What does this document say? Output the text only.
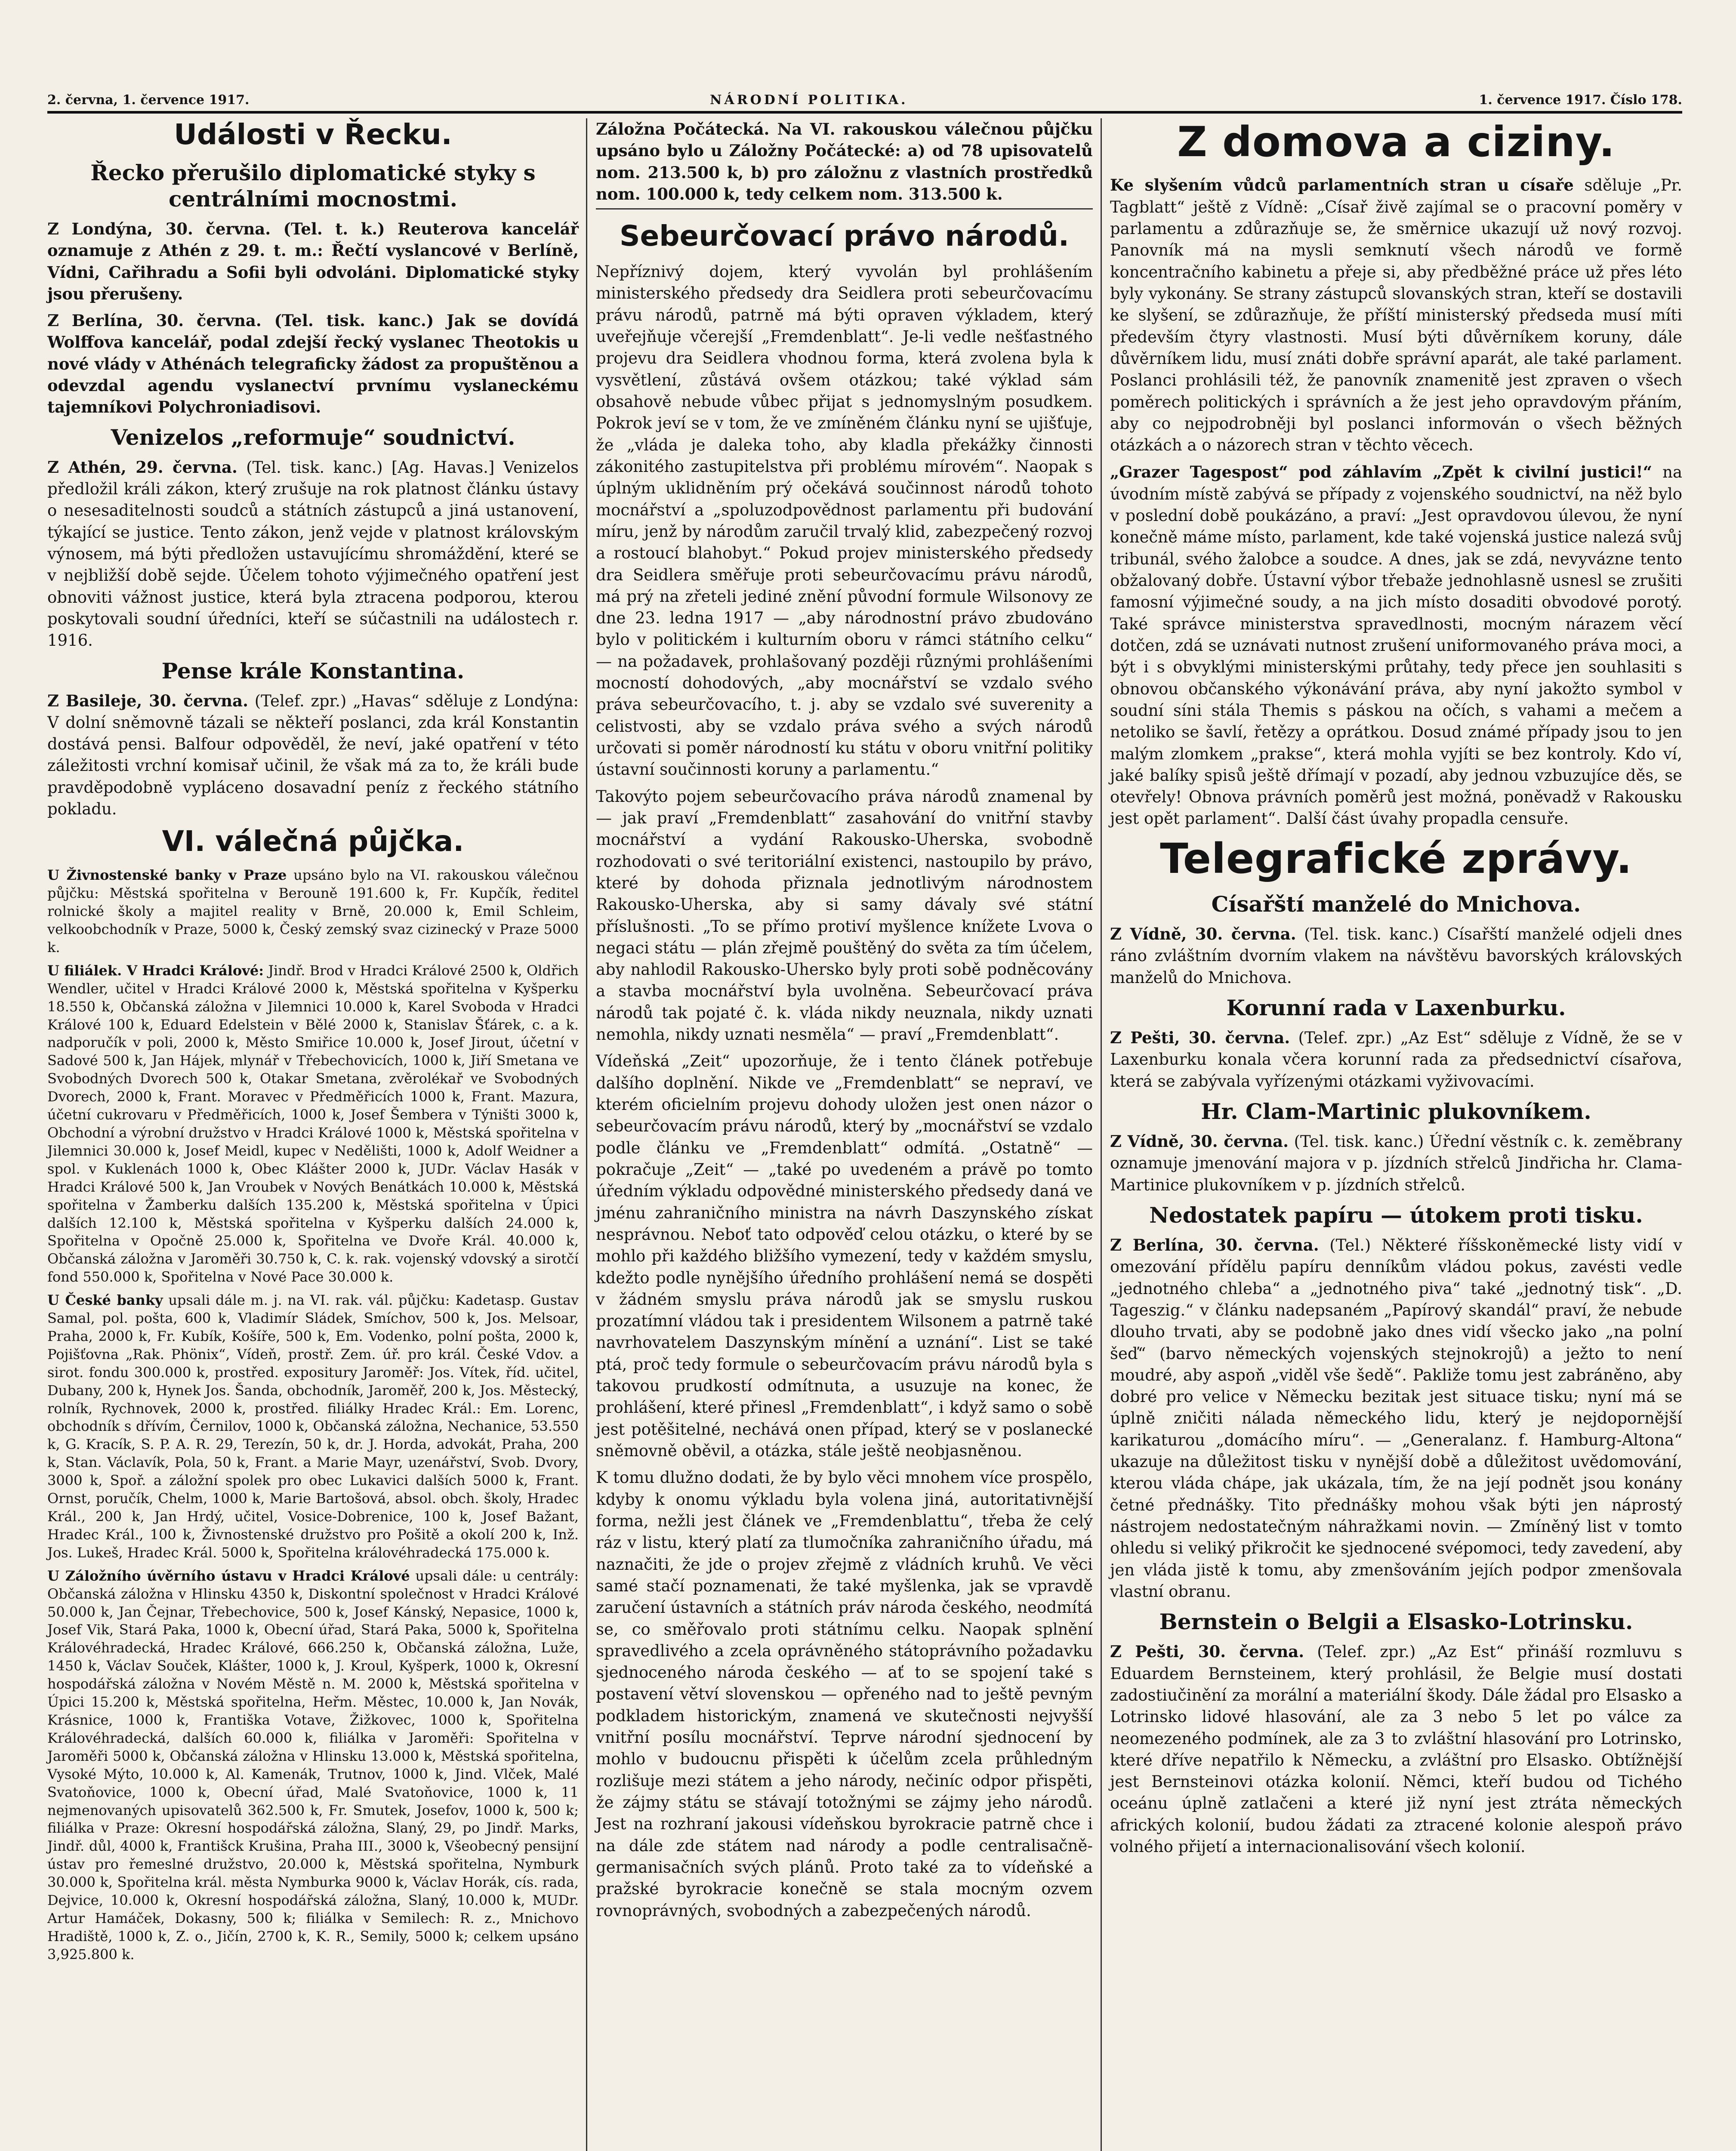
2. června, 1. července 1917.	NÁRODNÍ POLITIKA.	1. července 1917. Číslo 178.
Události v Řecku.
Řecko přerušilo diplomatické styky s centrálními mocnostmi.

Z Londýna, 30. června. (Tel. t. k.) Reuterova kancelář oznamuje z Athén z 29. t. m.: Řečtí vyslancové v Berlíně, Vídni, Cařihradu a Sofii byli odvoláni. Diplomatické styky jsou přerušeny.

Z Berlína, 30. června. (Tel. tisk. kanc.) Jak se dovídá Wolffova kancelář, podal zdejší řecký vyslanec Theotokis u nové vlády v Athénách telegraficky žádost za propuštěnou a odevzdal agendu vyslanectví prvnímu vyslaneckému tajemníkovi Polychroniadisovi.

Venizelos „reformuje“ soudnictví.

Z Athén, 29. června. (Tel. tisk. kanc.) [Ag. Havas.] Venizelos předložil králi zákon, který zrušuje na rok platnost článku ústavy o nesesaditelnosti soudců a státních zástupců a jiná ustanovení, týkající se justice. Tento zákon, jenž vejde v platnost královským výnosem, má býti předložen ustavujícímu shromáždění, které se v nejbližší době sejde. Účelem tohoto výjimečného opatření jest obnoviti vážnost justice, která byla ztracena podporou, kterou poskytovali soudní úředníci, kteří se súčastnili na událostech r. 1916.

Pense krále Konstantina.

Z Basileje, 30. června. (Telef. zpr.) „Havas“ sděluje z Londýna: V dolní sněmovně tázali se někteří poslanci, zda král Konstantin dostává pensi. Balfour odpověděl, že neví, jaké opatření v této záležitosti vrchní komisař učinil, že však má za to, že králi bude pravděpodobně vypláceno dosavadní peníz z řeckého státního pokladu.

VI. válečná půjčka.

U Živnostenské banky v Praze upsáno bylo na VI. rakouskou válečnou půjčku: Městská spořitelna v Berouně 191.600 k, Fr. Kupčík, ředitel rolnické školy a majitel reality v Brně, 20.000 k, Emil Schleim, velkoobchodník v Praze, 5000 k, Český zemský svaz cizinecký v Praze 5000 k.

U filiálek. V Hradci Králové: Jindř. Brod v Hradci Králové 2500 k, Oldřich Wendler, učitel v Hradci Králové 2000 k, Městská spořitelna v Kyšperku 18.550 k, Občanská záložna v Jilemnici 10.000 k, Karel Svoboda v Hradci Králové 100 k, Eduard Edelstein v Bělé 2000 k, Stanislav Šťárek, c. a k. nadporučík v poli, 2000 k, Město Smiřice 10.000 k, Josef Jirout, účetní v Sadové 500 k, Jan Hájek, mlynář v Třebechovicích, 1000 k, Jiří Smetana ve Svobodných Dvorech 500 k, Otakar Smetana, zvěrolékař ve Svobodných Dvorech, 2000 k, Frant. Moravec v Předměřicích 1000 k, Frant. Mazura, účetní cukrovaru v Předměřicích, 1000 k, Josef Šembera v Týništi 3000 k, Obchodní a výrobní družstvo v Hradci Králové 1000 k, Městská spořitelna v Jilemnici 30.000 k, Josef Meidl, kupec v Nedělišti, 1000 k, Adolf Weidner a spol. v Kuklenách 1000 k, Obec Klášter 2000 k, JUDr. Václav Hasák v Hradci Králové 500 k, Jan Vroubek v Nových Benátkách 10.000 k, Městská spořitelna v Žamberku dalších 135.200 k, Městská spořitelna v Úpici dalších 12.100 k, Městská spořitelna v Kyšperku dalších 24.000 k, Spořitelna v Opočně 25.000 k, Spořitelna ve Dvoře Král. 40.000 k, Občanská záložna v Jaroměři 30.750 k, C. k. rak. vojenský vdovský a sirotčí fond 550.000 k, Spořitelna v Nové Pace 30.000 k.

U České banky upsali dále m. j. na VI. rak. vál. půjčku: Kadetasp. Gustav Samal, pol. pošta, 600 k, Vladimír Sládek, Smíchov, 500 k, Jos. Melsoar, Praha, 2000 k, Fr. Kubík, Košíře, 500 k, Em. Vodenko, polní pošta, 2000 k, Pojišťovna „Rak. Phönix“, Vídeň, prostř. Zem. úř. pro král. České Vdov. a sirot. fondu 300.000 k, prostřed. expositury Jaroměř: Jos. Vítek, říd. učitel, Dubany, 200 k, Hynek Jos. Šanda, obchodník, Jaroměř, 200 k, Jos. Městecký, rolník, Rychnovek, 2000 k, prostřed. filiálky Hradec Král.: Em. Lorenc, obchodník s dřívím, Černilov, 1000 k, Občanská záložna, Nechanice, 53.550 k, G. Kracík, S. P. A. R. 29, Terezín, 50 k, dr. J. Horda, advokát, Praha, 200 k, Stan. Václavík, Pola, 50 k, Frant. a Marie Mayr, uzenářství, Svob. Dvory, 3000 k, Spoř. a záložní spolek pro obec Lukavici dalších 5000 k, Frant. Ornst, poručík, Chelm, 1000 k, Marie Bartošová, absol. obch. školy, Hradec Král., 200 k, Jan Hrdý, učitel, Vosice-Dobrenice, 100 k, Josef Bažant, Hradec Král., 100 k, Živnostenské družstvo pro Pošitě a okolí 200 k, Inž. Jos. Lukeš, Hradec Král. 5000 k, Spořitelna královéhradecká 175.000 k.

U Záložního úvěrního ústavu v Hradci Králové upsali dále: u centrály: Občanská záložna v Hlinsku 4350 k, Diskontní společnost v Hradci Králové 50.000 k, Jan Čejnar, Třebechovice, 500 k, Josef Kánský, Nepasice, 1000 k, Josef Vik, Stará Paka, 1000 k, Obecní úřad, Stará Paka, 5000 k, Spořitelna Královéhradecká, Hradec Králové, 666.250 k, Občanská záložna, Luže, 1450 k, Václav Souček, Klášter, 1000 k, J. Kroul, Kyšperk, 1000 k, Okresní hospodářská záložna v Novém Městě n. M. 2000 k, Městská spořitelna v Úpici 15.200 k, Městská spořitelna, Heřm. Městec, 10.000 k, Jan Novák, Krásnice, 1000 k, Františka Votave, Žižkovec, 1000 k, Spořitelna Královéhradecká, dalších 60.000 k, filiálka v Jaroměři: Spořitelna v Jaroměři 5000 k, Občanská záložna v Hlinsku 13.000 k, Městská spořitelna, Vysoké Mýto, 10.000 k, Al. Kamenák, Trutnov, 1000 k, Jind. Vlček, Malé Svatoňovice, 1000 k, Obecní úřad, Malé Svatoňovice, 1000 k, 11 nejmenovaných upisovatelů 362.500 k, Fr. Smutek, Josefov, 1000 k, 500 k; filiálka v Praze: Okresní hospodářská záložna, Slaný, 29, po Jindř. Marks, Jindř. důl, 4000 k, Františck Krušina, Praha III., 3000 k, Všeobecný pensijní ústav pro řemeslné družstvo, 20.000 k, Městská spořitelna, Nymburk 30.000 k, Spořitelna král. města Nymburka 9000 k, Václav Horák, cís. rada, Dejvice, 10.000 k, Okresní hospodářská záložna, Slaný, 10.000 k, MUDr. Artur Hamáček, Dokasny, 500 k; filiálka v Semilech: R. z., Mnichovo Hradiště, 1000 k, Z. o., Jičín, 2700 k, K. R., Semily, 5000 k; celkem upsáno 3,925.800 k.

Záložna Počátecká. Na VI. rakouskou válečnou půjčku upsáno bylo u Záložny Počátecké: a) od 78 upisovatelů nom. 213.500 k, b) pro záložnu z vlastních prostředků nom. 100.000 k, tedy celkem nom. 313.500 k.

Sebeurčovací právo národů.

Nepříznivý dojem, který vyvolán byl prohlášením ministerského předsedy dra Seidlera proti sebeurčovacímu právu národů, patrně má býti opraven výkladem, který uveřejňuje včerejší „Fremdenblatt“. Je-li vedle nešťastného projevu dra Seidlera vhodnou forma, která zvolena byla k vysvětlení, zůstává ovšem otázkou; také výklad sám obsahově nebude vůbec přijat s jednomyslným posudkem. Pokrok jeví se v tom, že ve zmíněném článku nyní se ujišťuje, že „vláda je daleka toho, aby kladla překážky činnosti zákonitého zastupitelstva při problému mírovém“. Naopak s úplným uklidněním prý očekává součinnost národů tohoto mocnářství a „spoluzodpovědnost parlamentu při budování míru, jenž by národům zaručil trvalý klid, zabezpečený rozvoj a rostoucí blahobyt.“ Pokud projev ministerského předsedy dra Seidlera směřuje proti sebeurčovacímu právu národů, má prý na zřeteli jediné znění původní formule Wilsonovy ze dne 23. ledna 1917 — „aby národnostní právo zbudováno bylo v politickém i kulturním oboru v rámci státního celku“ — na požadavek, prohlašovaný později různými prohlášeními mocností dohodových, „aby mocnářství se vzdalo svého práva sebeurčovacího, t. j. aby se vzdalo své suverenity a celistvosti, aby se vzdalo práva svého a svých národů určovati si poměr národností ku státu v oboru vnitřní politiky ústavní součinnosti koruny a parlamentu.“

Takovýto pojem sebeurčovacího práva národů znamenal by — jak praví „Fremdenblatt“ zasahování do vnitřní stavby mocnářství a vydání Rakousko-Uherska, svobodně rozhodovati o své teritoriální existenci, nastoupilo by právo, které by dohoda přiznala jednotlivým národnostem Rakousko-Uherska, aby si samy dávaly své státní příslušnosti. „To se přímo protiví myšlence knížete Lvova o negaci státu — plán zřejmě pouštěný do světa za tím účelem, aby nahlodil Rakousko-Uhersko byly proti sobě podněcovány a stavba mocnářství byla uvolněna. Sebeurčovací práva národů tak pojaté č. k. vláda nikdy neuznala, nikdy uznati nemohla, nikdy uznati nesměla“ — praví „Fremdenblatt“.

Vídeňská „Zeit“ upozorňuje, že i tento článek potřebuje dalšího doplnění. Nikde ve „Fremdenblatt“ se nepraví, ve kterém oficielním projevu dohody uložen jest onen názor o sebeurčovacím právu národů, který by „mocnářství se vzdalo podle článku ve „Fremdenblatt“ odmítá. „Ostatně“ — pokračuje „Zeit“ — „také po uvedeném a právě po tomto úředním výkladu odpovědné ministerského předsedy daná ve jménu zahraničního ministra na návrh Daszynského získat nesprávnou. Neboť tato odpověď celou otázku, o které by se mohlo při každého bližšího vymezení, tedy v každém smyslu, kdežto podle nynějšího úředního prohlášení nemá se dospěti v žádném smyslu práva národů jak se smyslu ruskou prozatímní vládou tak i presidentem Wilsonem a patrně také navrhovatelem Daszynským mínění a uznání“. List se také ptá, proč tedy formule o sebeurčovacím právu národů byla s takovou prudkostí odmítnuta, a usuzuje na konec, že prohlášení, které přinesl „Fremdenblatt“, i když samo o sobě jest potěšitelné, nechává onen případ, který se v poslanecké sněmovně oběvil, a otázka, stále ještě neobjasněnou.

K tomu dlužno dodati, že by bylo věci mnohem více prospělo, kdyby k onomu výkladu byla volena jiná, autoritativnější forma, nežli jest článek ve „Fremdenblattu“, třeba že celý ráz v listu, který platí za tlumočníka zahraničního úřadu, má naznačiti, že jde o projev zřejmě z vládních kruhů. Ve věci samé stačí poznamenati, že také myšlenka, jak se vpravdě zaručení ústavních a státních práv národa českého, neodmítá se, co směřovalo proti státnímu celku. Naopak splnění spravedlivého a zcela oprávněného státoprávního požadavku sjednoceného národa českého — ať to se spojení také s postavení větví slovenskou — opřeného nad to ještě pevným podkladem historickým, znamená ve skutečnosti nejvyšší vnitřní posílu mocnářství. Teprve národní sjednocení by mohlo v budoucnu přispěti k účelům zcela průhledným rozlišuje mezi státem a jeho národy, nečiníc odpor přispěti, že zájmy státu se stávají totožnými se zájmy jeho národů. Jest na rozhraní jakousi vídeňskou byrokracie patrně chce i na dále zde státem nad národy a podle centralisačně-germanisačních svých plánů. Proto také za to vídeňské a pražské byrokracie konečně se stala mocným ozvem rovnoprávných, svobodných a zabezpečených národů.

Z domova a ciziny.

Ke slyšením vůdců parlamentních stran u císaře sděluje „Pr. Tagblatt“ ještě z Vídně: „Císař živě zajímal se o pracovní poměry v parlamentu a zdůrazňuje se, že směrnice ukazují už nový rozvoj. Panovník má na mysli semknutí všech národů ve formě koncentračního kabinetu a přeje si, aby předběžné práce už přes léto byly vykonány. Se strany zástupců slovanských stran, kteří se dostavili ke slyšení, se zdůrazňuje, že příští ministerský předseda musí míti především čtyry vlastnosti. Musí býti důvěrníkem koruny, dále důvěrníkem lidu, musí znáti dobře správní aparát, ale také parlament. Poslanci prohlásili též, že panovník znamenitě jest zpraven o všech poměrech politických i správních a že jest jeho opravdovým přáním, aby co nejpodrobněji byl poslanci informován o všech běžných otázkách a o názorech stran v těchto věcech.

„Grazer Tagespost“ pod záhlavím „Zpět k civilní justici!“ na úvodním místě zabývá se případy z vojenského soudnictví, na něž bylo v poslední době poukázáno, a praví: „Jest opravdovou úlevou, že nyní konečně máme místo, parlament, kde také vojenská justice nalezá svůj tribunál, svého žalobce a soudce. A dnes, jak se zdá, nevyvázne tento obžalovaný dobře. Ústavní výbor třebaže jednohlasně usnesl se zrušiti famosní výjimečné soudy, a na jich místo dosaditi obvodové porotý. Také správce ministerstva spravedlnosti, mocným nárazem věcí dotčen, zdá se uznávati nutnost zrušení uniformovaného práva moci, a být i s obvyklými ministerskými průtahy, tedy přece jen souhlasiti s obnovou občanského výkonávání práva, aby nyní jakožto symbol v soudní síni stála Themis s páskou na očích, s vahami a mečem a netoliko se šavlí, řetězy a oprátkou. Dosud známé případy jsou to jen malým zlomkem „prakse“, která mohla vyjíti se bez kontroly. Kdo ví, jaké balíky spisů ještě dřímají v pozadí, aby jednou vzbuzujíce děs, se otevřely! Obnova právních poměrů jest možná, poněvadž v Rakousku jest opět parlament“. Další část úvahy propadla censuře.

Telegrafické zprávy.
Císařští manželé do Mnichova.

Z Vídně, 30. června. (Tel. tisk. kanc.) Císařští manželé odjeli dnes ráno zvláštním dvorním vlakem na návštěvu bavorských královských manželů do Mnichova.

Korunní rada v Laxenburku.

Z Pešti, 30. června. (Telef. zpr.) „Az Est“ sděluje z Vídně, že se v Laxenburku konala včera korunní rada za předsednictví císařova, která se zabývala vyřízenými otázkami vyživovacími.

Hr. Clam-Martinic plukovníkem.

Z Vídně, 30. června. (Tel. tisk. kanc.) Úřední věstník c. k. zeměbrany oznamuje jmenování majora v p. jízdních střelců Jindřicha hr. Clama-Martinice plukovníkem v p. jízdních střelců.

Nedostatek papíru — útokem proti tisku.

Z Berlína, 30. června. (Tel.) Některé říšskoněmecké listy vidí v omezování přídělu papíru denníkům vládou pokus, zavésti vedle „jednotného chleba“ a „jednotného piva“ také „jednotný tisk“. „D. Tageszig.“ v článku nadepsaném „Papírový skandál“ praví, že nebude dlouho trvati, aby se podobně jako dnes vidí všecko jako „na polní šeď“ (barvo německých vojenských stejnokrojů) a ježto to není moudré, aby aspoň „viděl vše šedě“. Pakliže tomu jest zabráněno, aby dobré pro velice v Německu bezitak jest situace tisku; nyní má se úplně zničiti nálada německého lidu, který je nejdopornější karikaturou „domácího míru“. — „Generalanz. f. Hamburg-Altona“ ukazuje na důležitost tisku v nynější době a důležitost uvědomování, kterou vláda chápe, jak ukázala, tím, že na její podnět jsou konány četné přednášky. Tito přednášky mohou však býti jen náprostý nástrojem nedostatečným náhražkami novin. — Zmíněný list v tomto ohledu si veliký přikročit ke sjednocené svépomoci, tedy zavedení, aby jen vláda jistě k tomu, aby zmenšováním jejích podpor zmenšovala vlastní obranu.

Bernstein o Belgii a Elsasko-Lotrinsku.

Z Pešti, 30. června. (Telef. zpr.) „Az Est“ přináší rozmluvu s Eduardem Bernsteinem, který prohlásil, že Belgie musí dostati zadostiučinění za morální a materiální škody. Dále žádal pro Elsasko a Lotrinsko lidové hlasování, ale za 3 nebo 5 let po válce za neomezeného podmínek, ale za 3 to zvláštní hlasování pro Lotrinsko, které dříve nepatřilo k Německu, a zvláštní pro Elsasko. Obtížnější jest Bernsteinovi otázka kolonií. Němci, kteří budou od Tichého oceánu úplně zatlačeni a které již nyní jest ztráta německých afrických kolonií, budou žádati za ztracené kolonie alespoň právo volného přijetí a internacionalisování všech kolonií.
